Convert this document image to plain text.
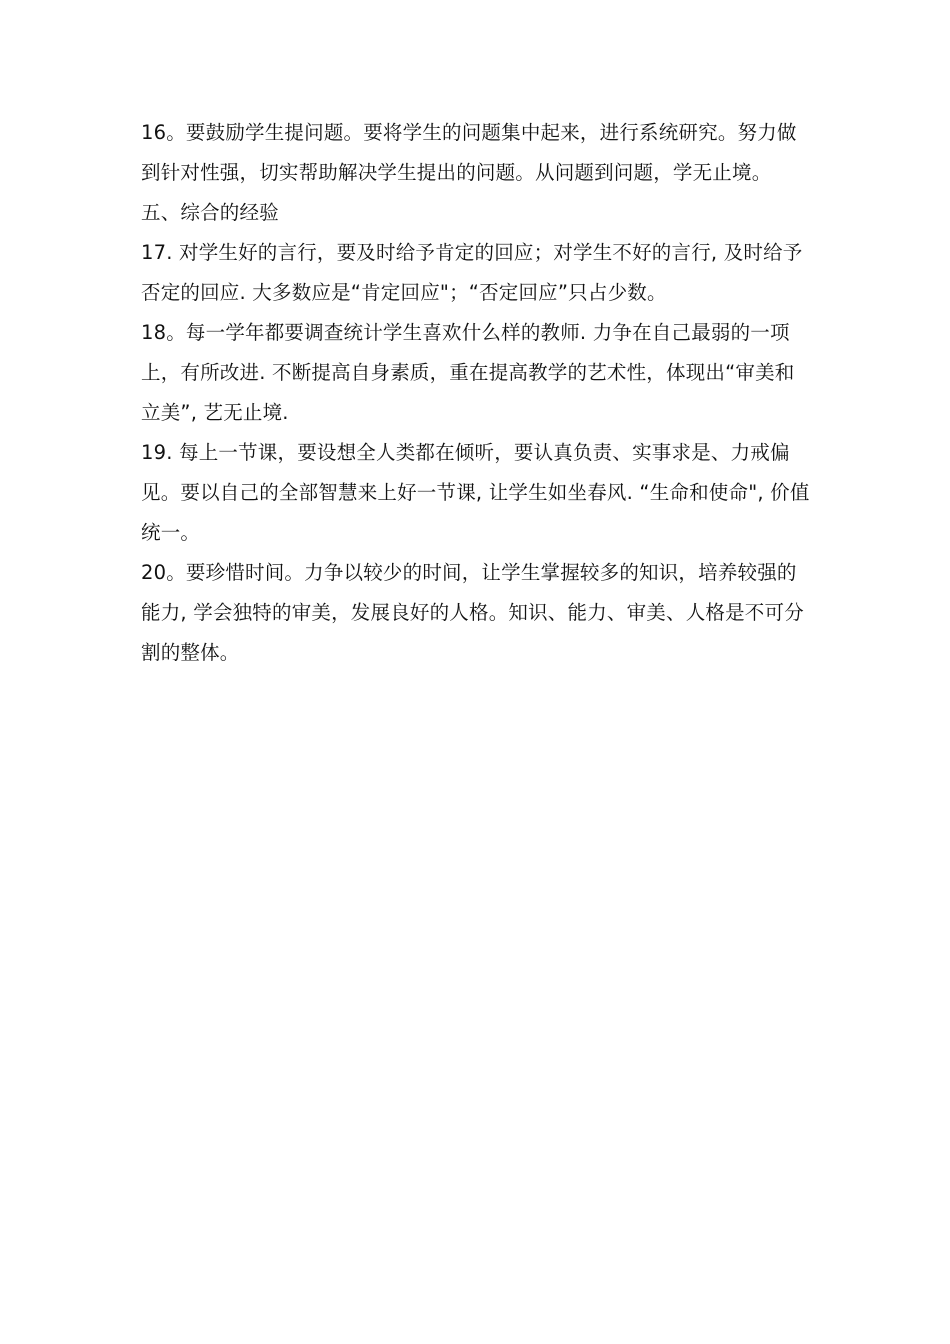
16。要鼓励学生提问题。要将学生的问题集中起来，进行系统研究。努力做到针对性强，切实帮助解决学生提出的问题。从问题到问题，学无止境。

五、综合的经验

17. 对学生好的言行，要及时给予肯定的回应；对学生不好的言行, 及时给予否定的回应. 大多数应是“肯定回应"；“否定回应”只占少数。

18。每一学年都要调查统计学生喜欢什么样的教师. 力争在自己最弱的一项上，有所改进. 不断提高自身素质，重在提高教学的艺术性，体现出“审美和立美”, 艺无止境.

19. 每上一节课，要设想全人类都在倾听，要认真负责、实事求是、力戒偏见。要以自己的全部智慧来上好一节课, 让学生如坐春风. “生命和使命", 价值统一。

20。要珍惜时间。力争以较少的时间，让学生掌握较多的知识，培养较强的能力, 学会独特的审美，发展良好的人格。知识、能力、审美、人格是不可分割的整体。
